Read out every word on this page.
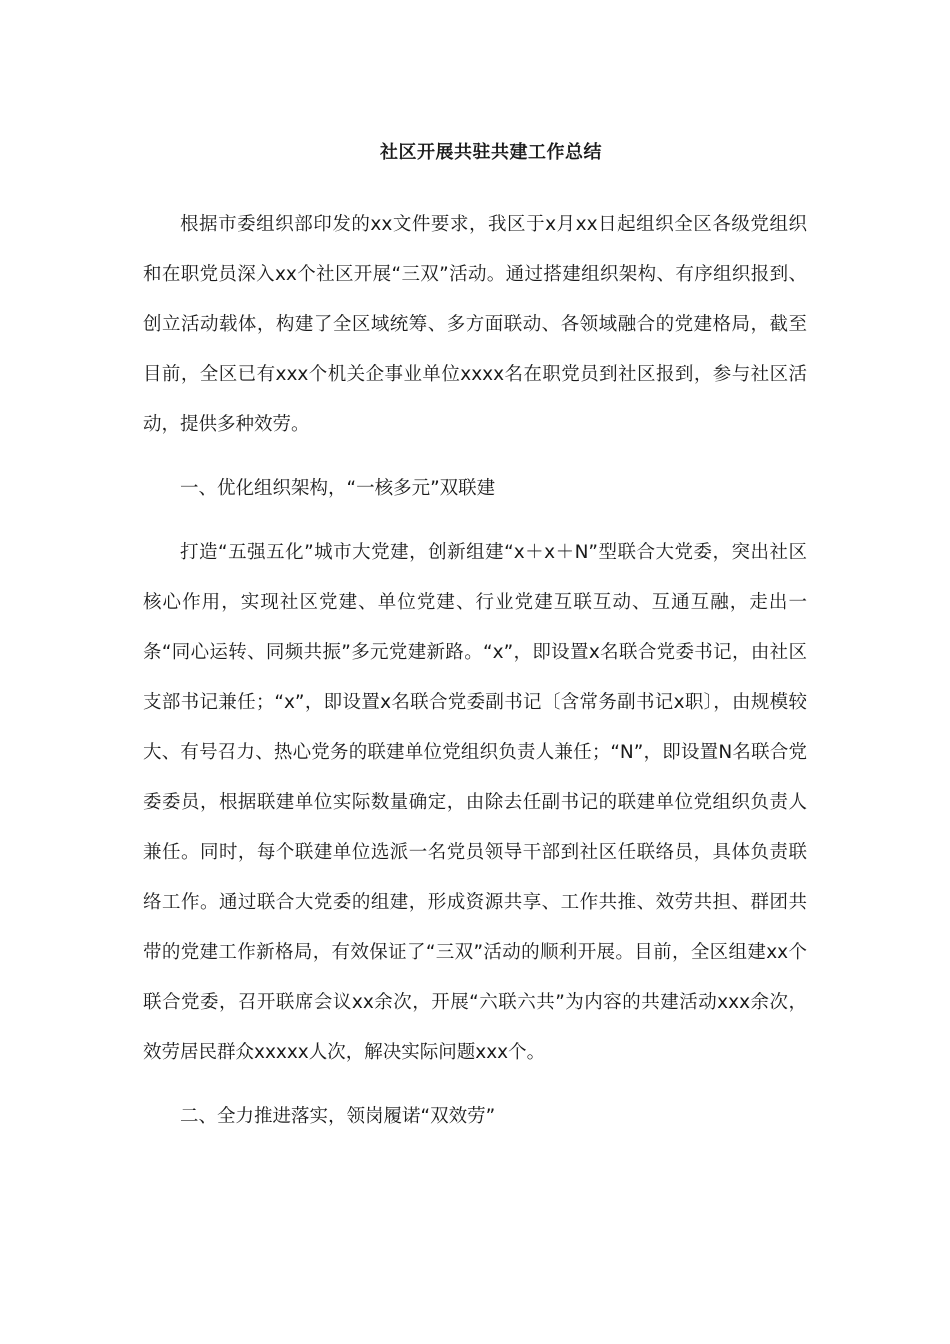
社区开展共驻共建工作总结

根据市委组织部印发的xx文件要求，我区于x月xx日起组织全区各级党组织和在职党员深入xx个社区开展“三双”活动。通过搭建组织架构、有序组织报到、创立活动载体，构建了全区域统筹、多方面联动、各领域融合的党建格局，截至目前，全区已有xxx个机关企事业单位xxxx名在职党员到社区报到，参与社区活动，提供多种效劳。

一、优化组织架构，“一核多元”双联建

打造“五强五化”城市大党建，创新组建“x＋x＋N”型联合大党委，突出社区核心作用，实现社区党建、单位党建、行业党建互联互动、互通互融，走出一条“同心运转、同频共振”多元党建新路。“x”，即设置x名联合党委书记，由社区支部书记兼任；“x”，即设置x名联合党委副书记〔含常务副书记x职〕，由规模较大、有号召力、热心党务的联建单位党组织负责人兼任；“N”，即设置N名联合党委委员，根据联建单位实际数量确定，由除去任副书记的联建单位党组织负责人兼任。同时，每个联建单位选派一名党员领导干部到社区任联络员，具体负责联络工作。通过联合大党委的组建，形成资源共享、工作共推、效劳共担、群团共带的党建工作新格局，有效保证了“三双”活动的顺利开展。目前，全区组建xx个联合党委，召开联席会议xx余次，开展“六联六共”为内容的共建活动xxx余次，效劳居民群众xxxxx人次，解决实际问题xxx个。

二、全力推进落实，领岗履诺“双效劳”
